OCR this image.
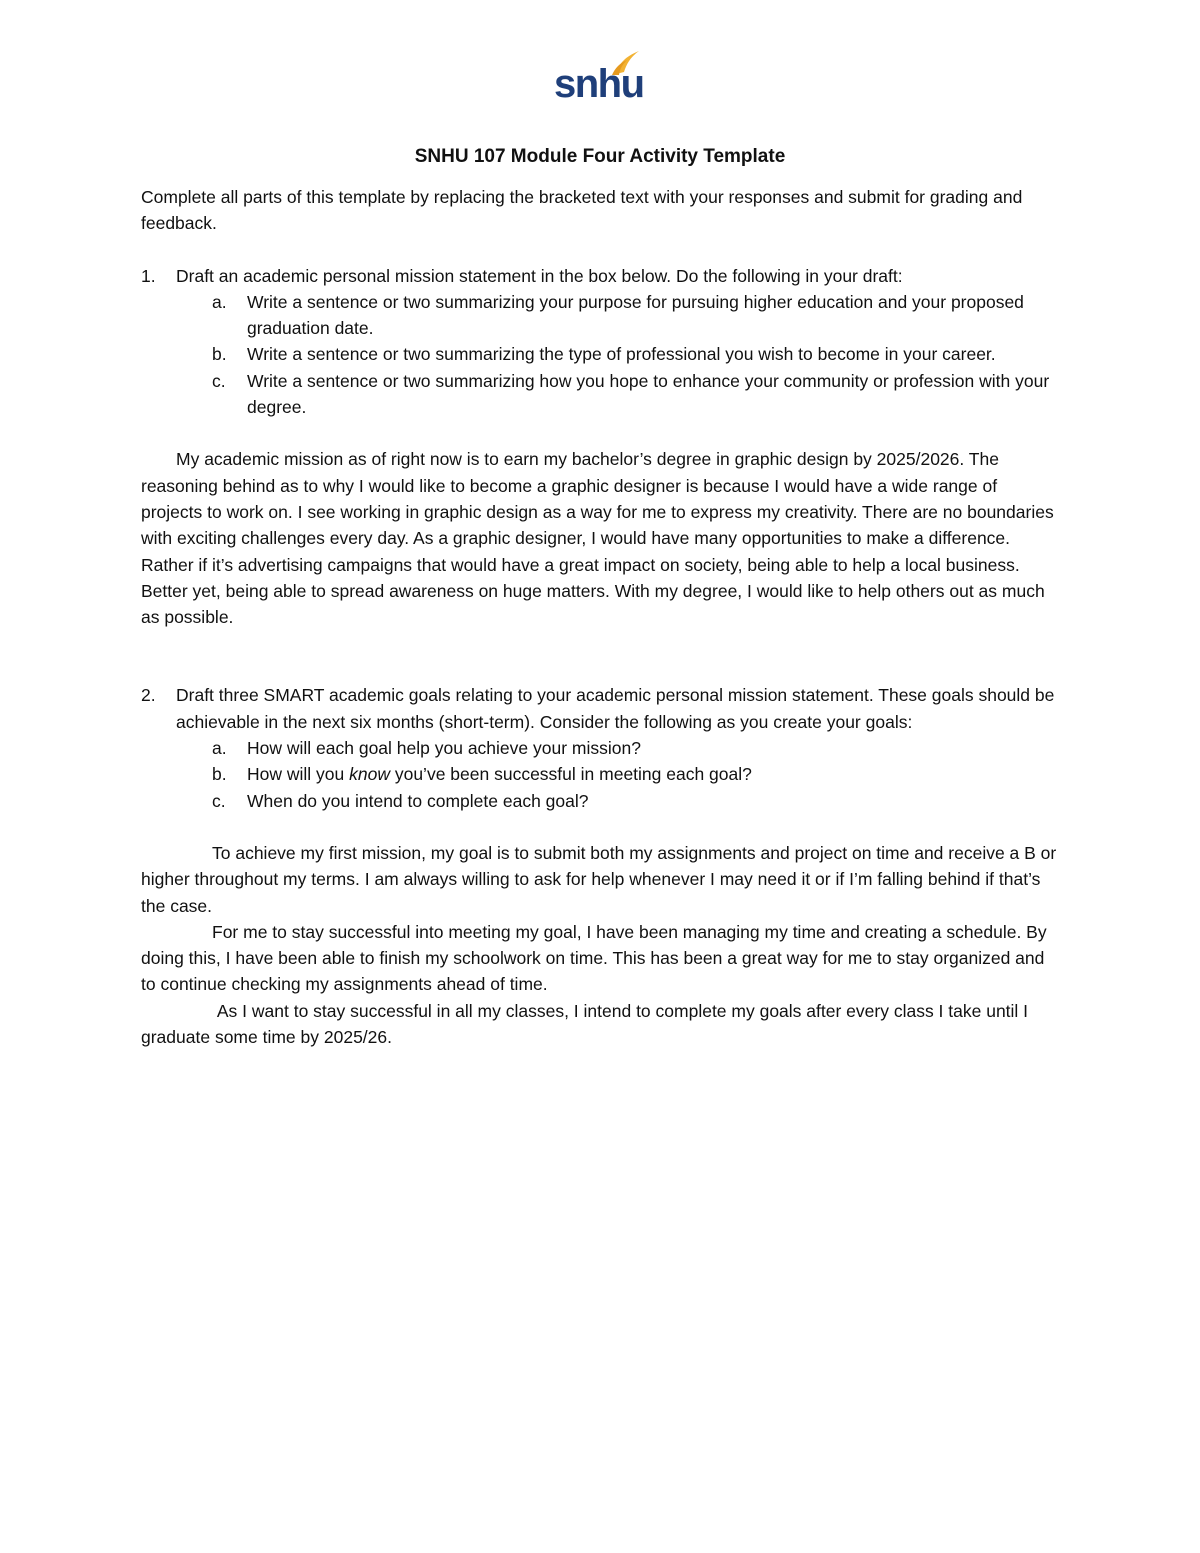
snhu
SNHU 107 Module Four Activity Template

Complete all parts of this template by replacing the bracketed text with your responses and submit for grading and feedback.

1. Draft an academic personal mission statement in the box below. Do the following in your draft:
a. Write a sentence or two summarizing your purpose for pursuing higher education and your proposed graduation date.
b. Write a sentence or two summarizing the type of professional you wish to become in your career.
c. Write a sentence or two summarizing how you hope to enhance your community or profession with your degree.

My academic mission as of right now is to earn my bachelor’s degree in graphic design by 2025/2026. The reasoning behind as to why I would like to become a graphic designer is because I would have a wide range of projects to work on. I see working in graphic design as a way for me to express my creativity. There are no boundaries with exciting challenges every day. As a graphic designer, I would have many opportunities to make a difference. Rather if it’s advertising campaigns that would have a great impact on society, being able to help a local business. Better yet, being able to spread awareness on huge matters. With my degree, I would like to help others out as much as possible.

2. Draft three SMART academic goals relating to your academic personal mission statement. These goals should be achievable in the next six months (short-term). Consider the following as you create your goals:
a. How will each goal help you achieve your mission?
b. How will you know you’ve been successful in meeting each goal?
c. When do you intend to complete each goal?

To achieve my first mission, my goal is to submit both my assignments and project on time and receive a B or higher throughout my terms. I am always willing to ask for help whenever I may need it or if I’m falling behind if that’s the case.

For me to stay successful into meeting my goal, I have been managing my time and creating a schedule. By doing this, I have been able to finish my schoolwork on time. This has been a great way for me to stay organized and to continue checking my assignments ahead of time.

As I want to stay successful in all my classes, I intend to complete my goals after every class I take until I graduate some time by 2025/26.
